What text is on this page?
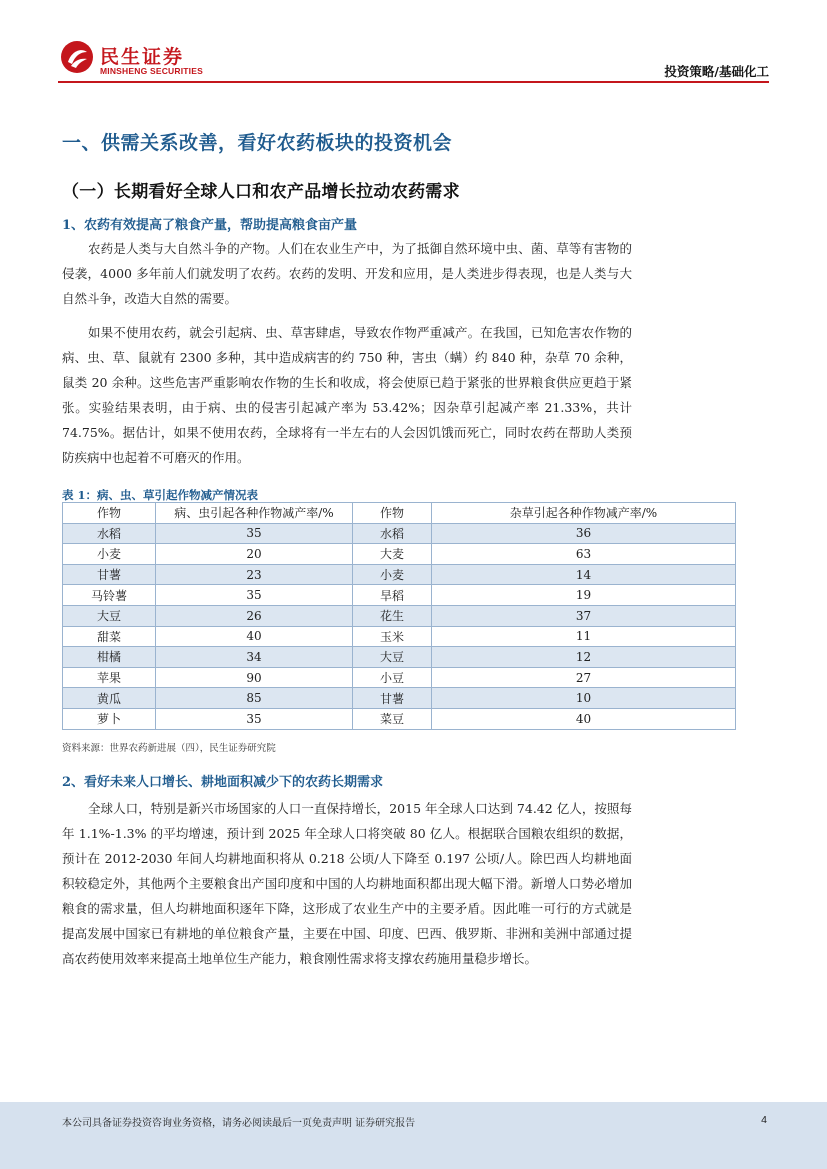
民生证券
MINSHENG SECURITIES	投资策略/基础化工
一、供需关系改善，看好农药板块的投资机会
（一）长期看好全球人口和农产品增长拉动农药需求
1、农药有效提高了粮食产量，帮助提高粮食亩产量
农药是人类与大自然斗争的产物。人们在农业生产中，为了抵御自然环境中虫、菌、草等有害物的侵袭，4000 多年前人们就发明了农药。农药的发明、开发和应用，是人类进步得表现，也是人类与大自然斗争，改造大自然的需要。
如果不使用农药，就会引起病、虫、草害肆虐，导致农作物严重减产。在我国，已知危害农作物的病、虫、草、鼠就有 2300 多种，其中造成病害的约 750 种，害虫（螨）约 840 种，杂草 70 余种，鼠类 20 余种。这些危害严重影响农作物的生长和收成，将会使原已趋于紧张的世界粮食供应更趋于紧张。实验结果表明，由于病、虫的侵害引起减产率为 53.42%；因杂草引起减产率 21.33%，共计 74.75%。据估计，如果不使用农药，全球将有一半左右的人会因饥饿而死亡，同时农药在帮助人类预防疾病中也起着不可磨灭的作用。
表 1：病、虫、草引起作物减产情况表
作物	病、虫引起各种作物减产率/%	作物	杂草引起各种作物减产率/%
水稻	35	水稻	36
小麦	20	大麦	63
甘薯	23	小麦	14
马铃薯	35	旱稻	19
大豆	26	花生	37
甜菜	40	玉米	11
柑橘	34	大豆	12
苹果	90	小豆	27
黄瓜	85	甘薯	10
萝卜	35	菜豆	40
资料来源：世界农药新进展（四），民生证券研究院
2、看好未来人口增长、耕地面积减少下的农药长期需求
全球人口，特别是新兴市场国家的人口一直保持增长，2015 年全球人口达到 74.42 亿人，按照每年 1.1%-1.3% 的平均增速，预计到 2025 年全球人口将突破 80 亿人。根据联合国粮农组织的数据，预计在 2012-2030 年间人均耕地面积将从 0.218 公顷/人下降至 0.197 公顷/人。除巴西人均耕地面积较稳定外，其他两个主要粮食出产国印度和中国的人均耕地面积都出现大幅下滑。新增人口势必增加粮食的需求量，但人均耕地面积逐年下降，这形成了农业生产中的主要矛盾。因此唯一可行的方式就是提高发展中国家已有耕地的单位粮食产量，主要在中国、印度、巴西、俄罗斯、非洲和美洲中部通过提高农药使用效率来提高土地单位生产能力，粮食刚性需求将支撑农药施用量稳步增长。
本公司具备证券投资咨询业务资格，请务必阅读最后一页免责声明 证券研究报告	4
